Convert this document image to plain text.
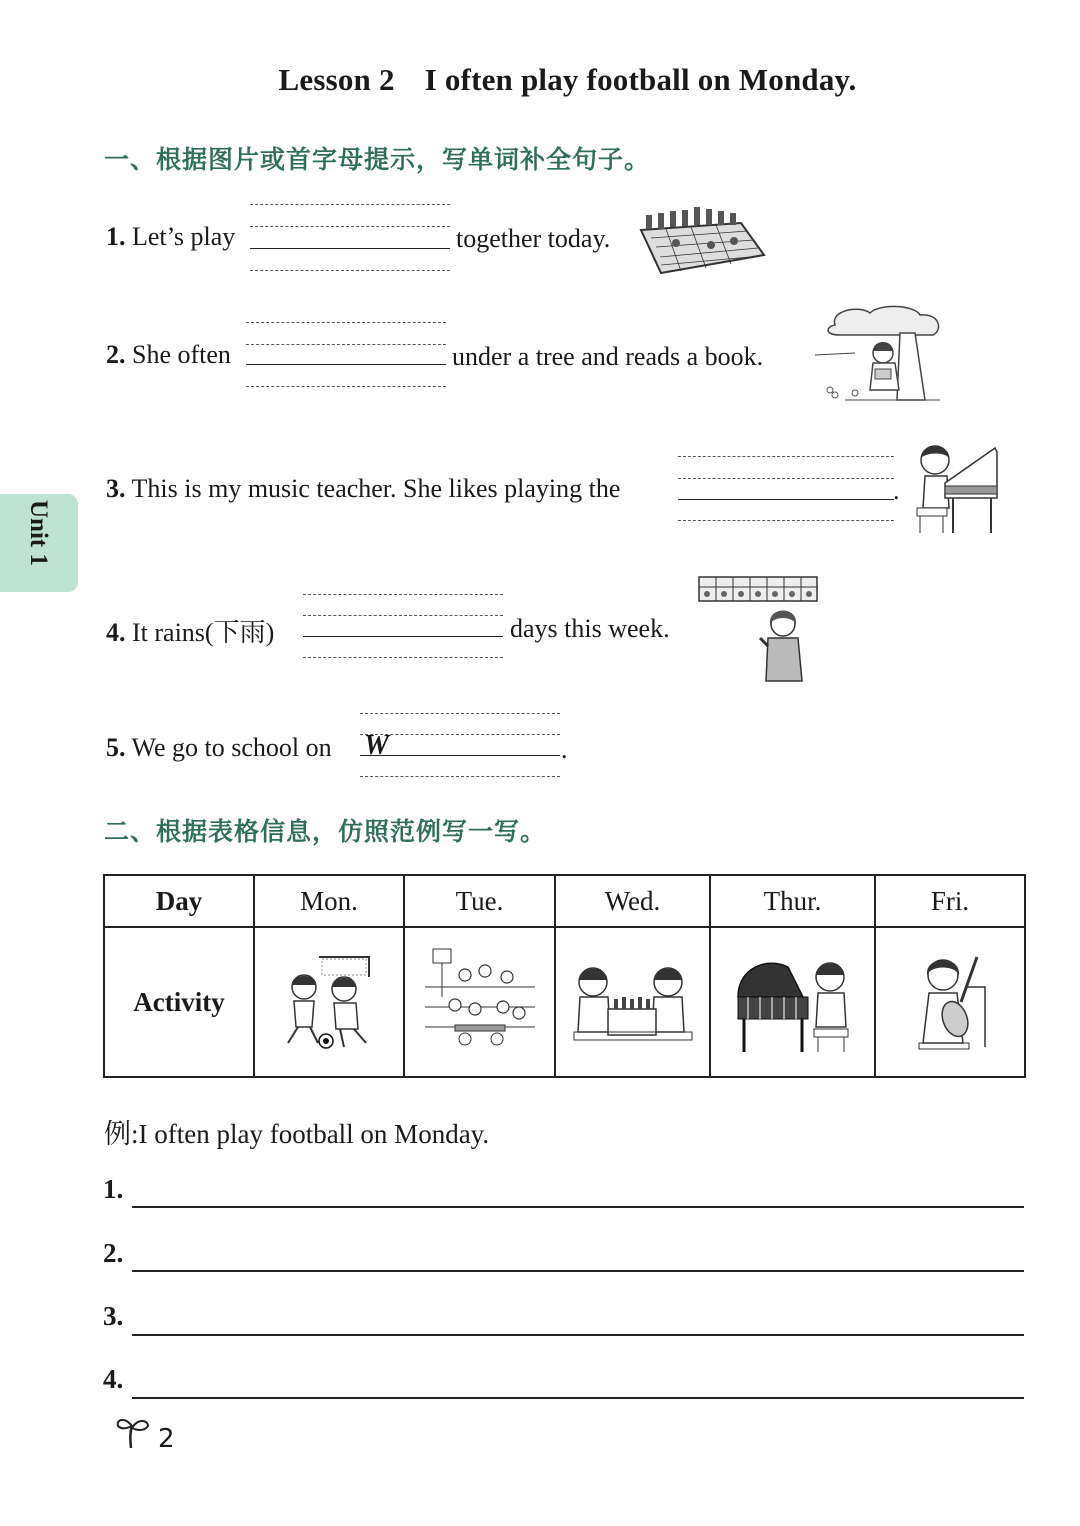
Lesson 2 I often play football on Monday.
Unit 1
一、根据图片或首字母提示，写单词补全句子。
1. Let’s play	together today.
2. She often	under a tree and reads a book.
3. This is my music teacher. She likes playing the	.
4. It rains(下雨)	days this week.
5. We go to school on W	.
二、根据表格信息，仿照范例写一写。
Day	Mon.	Tue.	Wed.	Thur.	Fri.
Activity	

例:I often play football on Monday.
1.
2.
3.
4.
2
